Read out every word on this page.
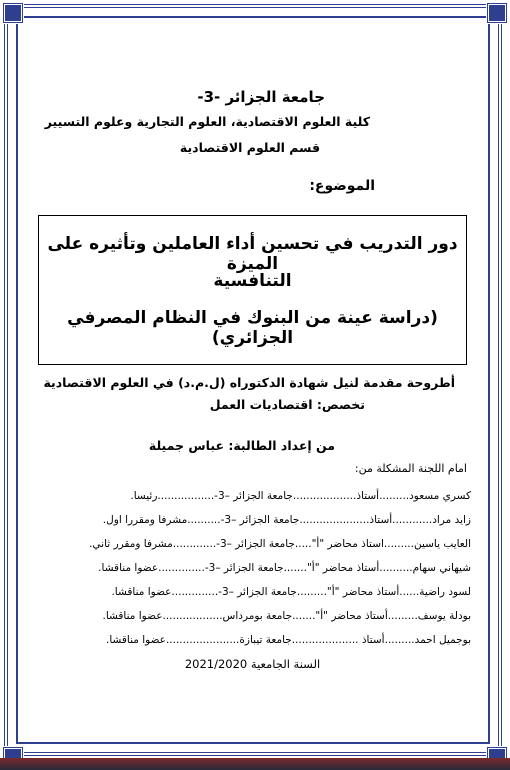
جامعة الجزائر -3-
كلية العلوم الاقتصادية، العلوم التجارية وعلوم التسيير
قسم العلوم الاقتصادية
الموضوع:
دور التدريب في تحسين أداء العاملين وتأثيره على الميزة
التنافسية
(دراسة عينة من البنوك في النظام المصرفي الجزائري)
أطروحة مقدمة لنيل شهادة الدكتوراه (ل.م.د) في العلوم الاقتصادية
تخصص: اقتصاديات العمل
من إعداد الطالبة: عباس جميلة
امام اللجنة المشكلة من:
كسري مسعود.........أستاذ...................جامعة الجزائر –3-.................رئيسا.
زايد مراد............أستاذ.....................جامعة الجزائر –3-..........مشرفا ومقررا اول.
العايب ياسين.........استاذ محاضر "أ".....جامعة الجزائر –3-.............مشرفا ومقرر ثاني.
شيهاني سهام..........أستاذ محاضر "أ".......جامعة الجزائر –3-..............عضوا مناقشا.
لسود راضية......أستاذ محاضر "أ".........جامعة الجزائر –3-..............عضوا مناقشا.
بودلة يوسف.........أستاذ محاضر "أ".......جامعة بومرداس..................عضوا مناقشا.
بوجميل احمد.........أستاذ ....................جامعة تيبازة......................عضوا مناقشا.
السنة الجامعية 2021/2020
